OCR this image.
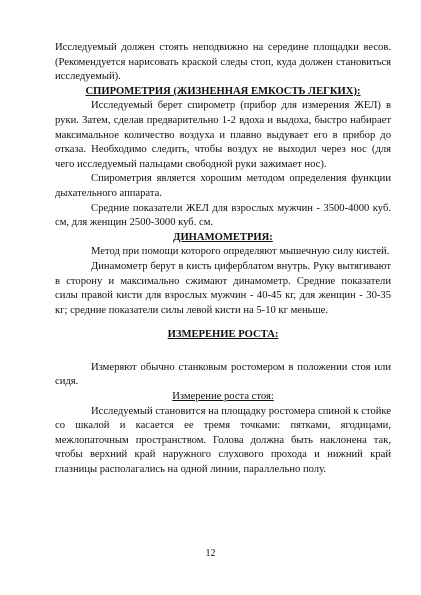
Исследуемый должен стоять неподвижно на середине площадки весов. (Рекомендуется нарисовать краской следы стоп, куда должен становиться исследуемый).

СПИРОМЕТРИЯ (ЖИЗНЕННАЯ ЕМКОСТЬ ЛЕГКИХ):

Исследуемый берет спирометр (прибор для измерения ЖЕЛ) в руки. Затем, сделав предварительно 1-2 вдоха и выдоха, быстро набирает максимальное количество воздуха и плавно выдувает его в прибор до отказа. Необходимо следить, чтобы воздух не выходил через нос (для чего исследуемый пальцами свободной руки зажимает нос).

Спирометрия является хорошим методом определения функции дыхательного аппарата.

Средние показатели ЖЕЛ для взрослых мужчин - 3500-4000 куб. см, для женщин 2500-3000 куб. см.

ДИНАМОМЕТРИЯ:

Метод при помощи которого определяют мышечную силу кистей.

Динамометр берут в кисть циферблатом внутрь. Руку вытягивают в сторону и максимально сжимают динамометр. Средние показатели силы правой кисти для взрослых мужчин - 40-45 кг, для женщин - 30-35 кг; средние показатели силы левой кисти на 5-10 кг меньше.

ИЗМЕРЕНИЕ РОСТА:

Измеряют обычно станковым ростомером в положении стоя или сидя.

Измерение роста стоя:

Исследуемый становится на площадку ростомера спиной к стойке со шкалой и касается ее тремя точками: пятками, ягодицами, межлопаточным пространством. Голова должна быть наклонена так, чтобы верхний край наружного слухового прохода и нижний край глазницы располагались на одной линии, параллельно полу.

12
